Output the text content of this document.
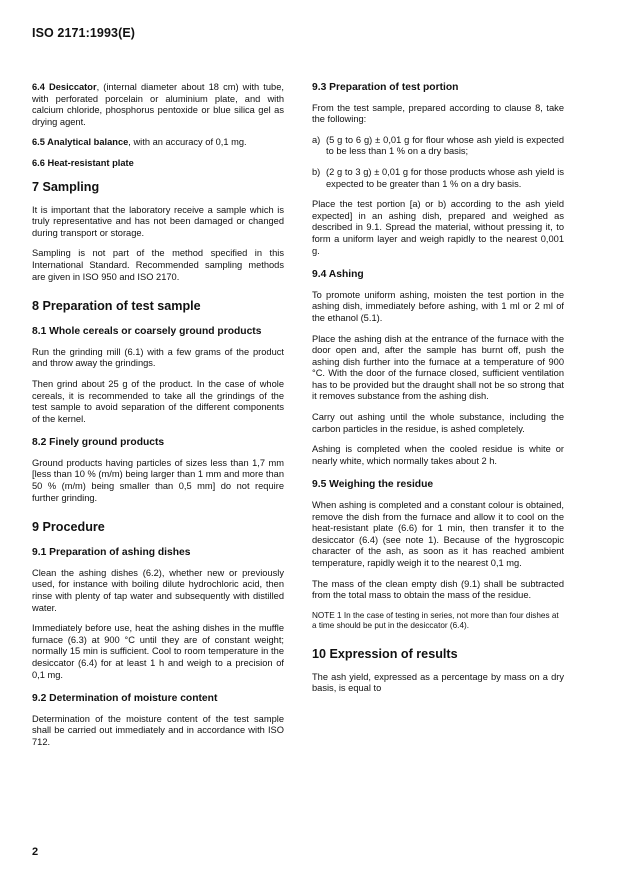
ISO 2171:1993(E)

6.4 Desiccator, (internal diameter about 18 cm) with tube, with perforated porcelain or aluminium plate, and with calcium chloride, phosphorus pentoxide or blue silica gel as drying agent.

6.5 Analytical balance, with an accuracy of 0,1 mg.

6.6 Heat-resistant plate

7 Sampling

It is important that the laboratory receive a sample which is truly representative and has not been damaged or changed during transport or storage.

Sampling is not part of the method specified in this International Standard. Recommended sampling methods are given in ISO 950 and ISO 2170.

8 Preparation of test sample
8.1 Whole cereals or coarsely ground products

Run the grinding mill (6.1) with a few grams of the product and throw away the grindings.

Then grind about 25 g of the product. In the case of whole cereals, it is recommended to take all the grindings of the test sample to avoid separation of the different components of the kernel.

8.2 Finely ground products

Ground products having particles of sizes less than 1,7 mm [less than 10 % (m/m) being larger than 1 mm and more than 50 % (m/m) being smaller than 0,5 mm] do not require further grinding.

9 Procedure
9.1 Preparation of ashing dishes

Clean the ashing dishes (6.2), whether new or previously used, for instance with boiling dilute hydrochloric acid, then rinse with plenty of tap water and subsequently with distilled water.

Immediately before use, heat the ashing dishes in the muffle furnace (6.3) at 900 °C until they are of constant weight; normally 15 min is sufficient. Cool to room temperature in the desiccator (6.4) for at least 1 h and weigh to a precision of 0,1 mg.

9.2 Determination of moisture content

Determination of the moisture content of the test sample shall be carried out immediately and in accordance with ISO 712.

9.3 Preparation of test portion

From the test sample, prepared according to clause 8, take the following:

a) (5 g to 6 g) ± 0,01 g for flour whose ash yield is expected to be less than 1 % on a dry basis;
b) (2 g to 3 g) ± 0,01 g for those products whose ash yield is expected to be greater than 1 % on a dry basis.

Place the test portion [a) or b) according to the ash yield expected] in an ashing dish, prepared and weighed as described in 9.1. Spread the material, without pressing it, to form a uniform layer and weigh rapidly to the nearest 0,001 g.

9.4 Ashing

To promote uniform ashing, moisten the test portion in the ashing dish, immediately before ashing, with 1 ml or 2 ml of the ethanol (5.1).

Place the ashing dish at the entrance of the furnace with the door open and, after the sample has burnt off, push the ashing dish further into the furnace at a temperature of 900 °C. With the door of the furnace closed, sufficient ventilation has to be provided but the draught shall not be so strong that it removes substance from the ashing dish.

Carry out ashing until the whole substance, including the carbon particles in the residue, is ashed completely.

Ashing is completed when the cooled residue is white or nearly white, which normally takes about 2 h.

9.5 Weighing the residue

When ashing is completed and a constant colour is obtained, remove the dish from the furnace and allow it to cool on the heat-resistant plate (6.6) for 1 min, then transfer it to the desiccator (6.4) (see note 1). Because of the hygroscopic character of the ash, as soon as it has reached ambient temperature, rapidly weigh it to the nearest 0,1 mg.

The mass of the clean empty dish (9.1) shall be subtracted from the total mass to obtain the mass of the residue.

NOTE 1 In the case of testing in series, not more than four dishes at a time should be put in the desiccator (6.4).
10 Expression of results

The ash yield, expressed as a percentage by mass on a dry basis, is equal to

2
